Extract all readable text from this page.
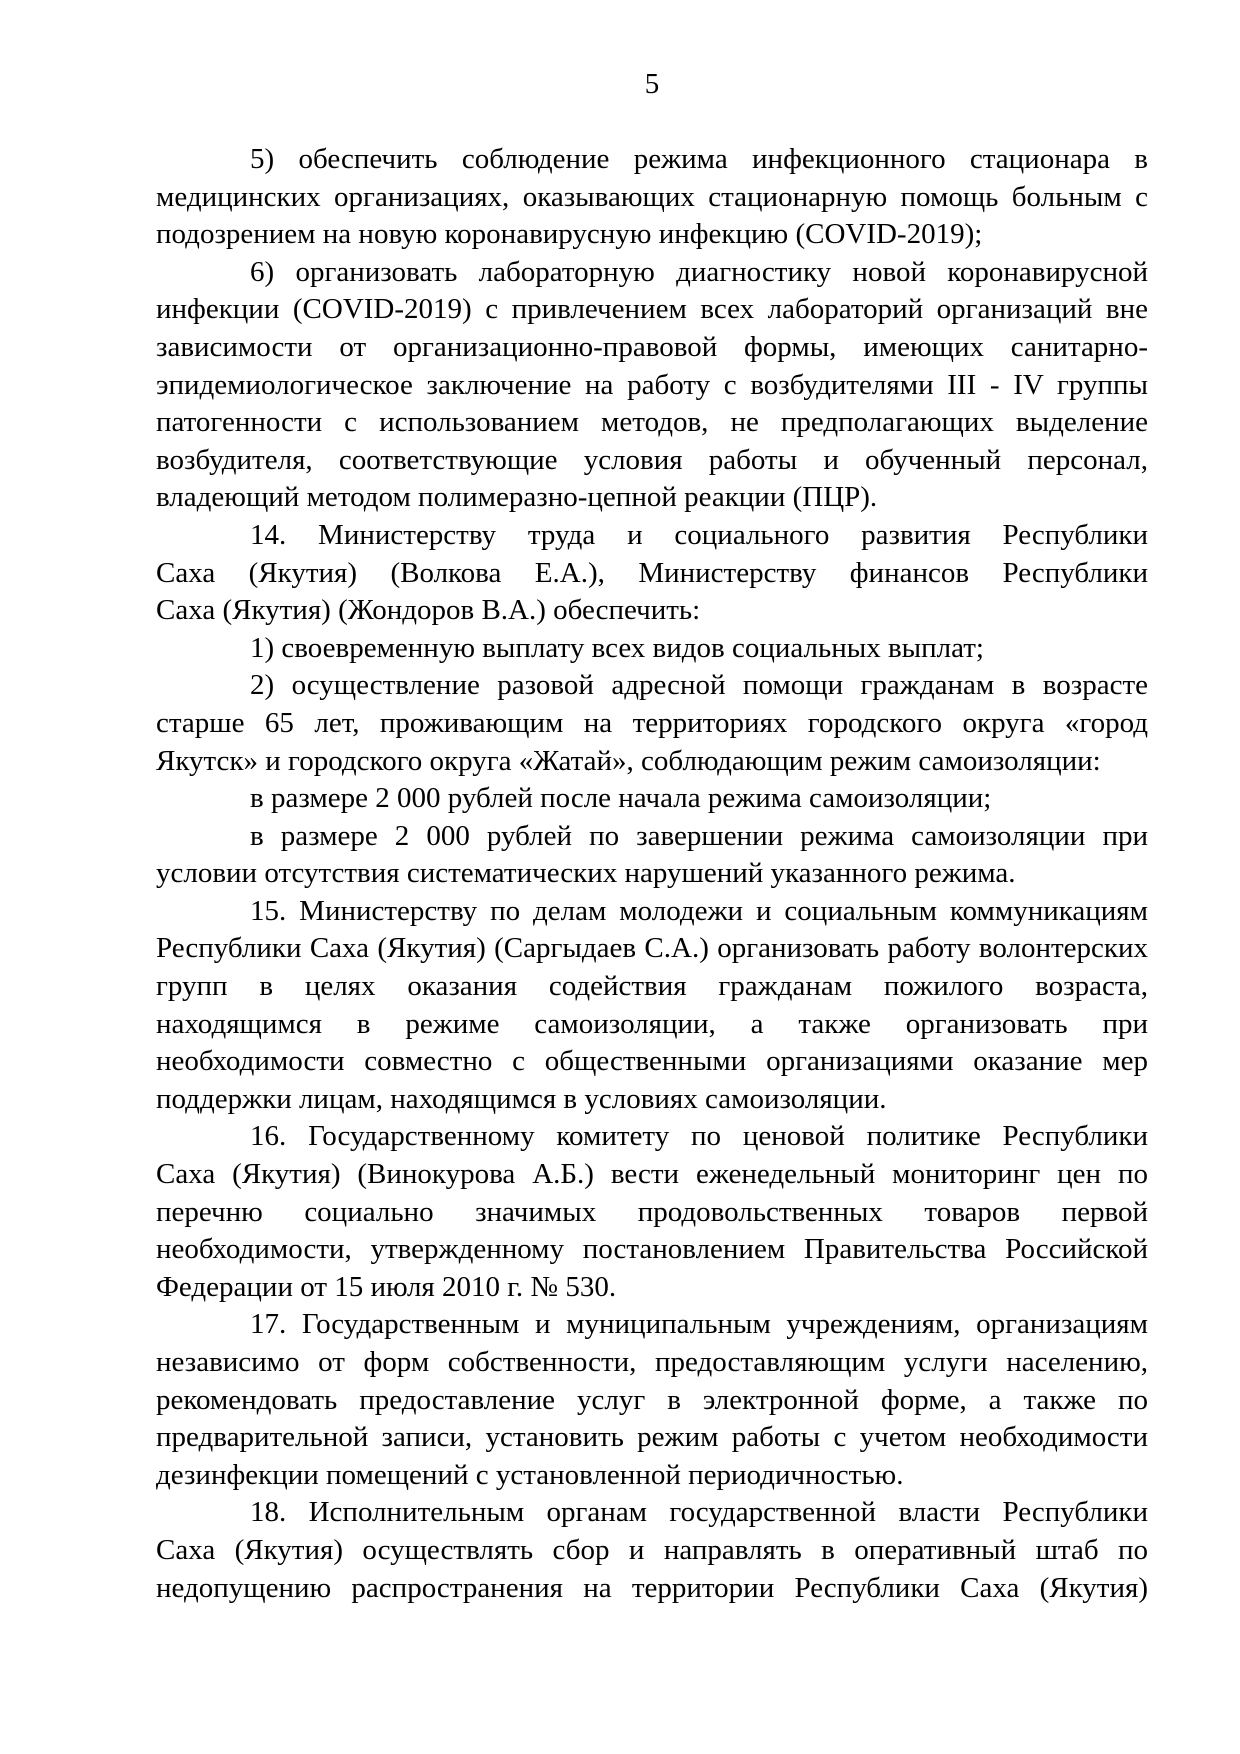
5

5) обеспечить соблюдение режима инфекционного стационара в медицинских организациях, оказывающих стационарную помощь больным с подозрением на новую коронавирусную инфекцию (COVID-2019);

6) организовать лабораторную диагностику новой коронавирусной инфекции (COVID-2019) с привлечением всех лабораторий организаций вне зависимости от организационно-правовой формы, имеющих санитарно-эпидемиологическое заключение на работу с возбудителями III - IV группы патогенности с использованием методов, не предполагающих выделение возбудителя, соответствующие условия работы и обученный персонал, владеющий методом полимеразно-цепной реакции (ПЦР).

14. Министерству труда и социального развития Республики Саха (Якутия) (Волкова Е.А.), Министерству финансов Республики Саха (Якутия) (Жондоров В.А.) обеспечить:

1) своевременную выплату всех видов социальных выплат;

2) осуществление разовой адресной помощи гражданам в возрасте старше 65 лет, проживающим на территориях городского округа «город Якутск» и городского округа «Жатай», соблюдающим режим самоизоляции:

в размере 2 000 рублей после начала режима самоизоляции;

в размере 2 000 рублей по завершении режима самоизоляции при условии отсутствия систематических нарушений указанного режима.

15. Министерству по делам молодежи и социальным коммуникациям Республики Саха (Якутия) (Саргыдаев С.А.) организовать работу волонтерских групп в целях оказания содействия гражданам пожилого возраста, находящимся в режиме самоизоляции, а также организовать при необходимости совместно с общественными организациями оказание мер поддержки лицам, находящимся в условиях самоизоляции.

16. Государственному комитету по ценовой политике Республики Саха (Якутия) (Винокурова А.Б.) вести еженедельный мониторинг цен по перечню социально значимых продовольственных товаров первой необходимости, утвержденному постановлением Правительства Российской Федерации от 15 июля 2010 г. № 530.

17. Государственным и муниципальным учреждениям, организациям независимо от форм собственности, предоставляющим услуги населению, рекомендовать предоставление услуг в электронной форме, а также по предварительной записи, установить режим работы с учетом необходимости дезинфекции помещений с установленной периодичностью.

18. Исполнительным органам государственной власти Республики Саха (Якутия) осуществлять сбор и направлять в оперативный штаб по недопущению распространения на территории Республики Саха (Якутия)
